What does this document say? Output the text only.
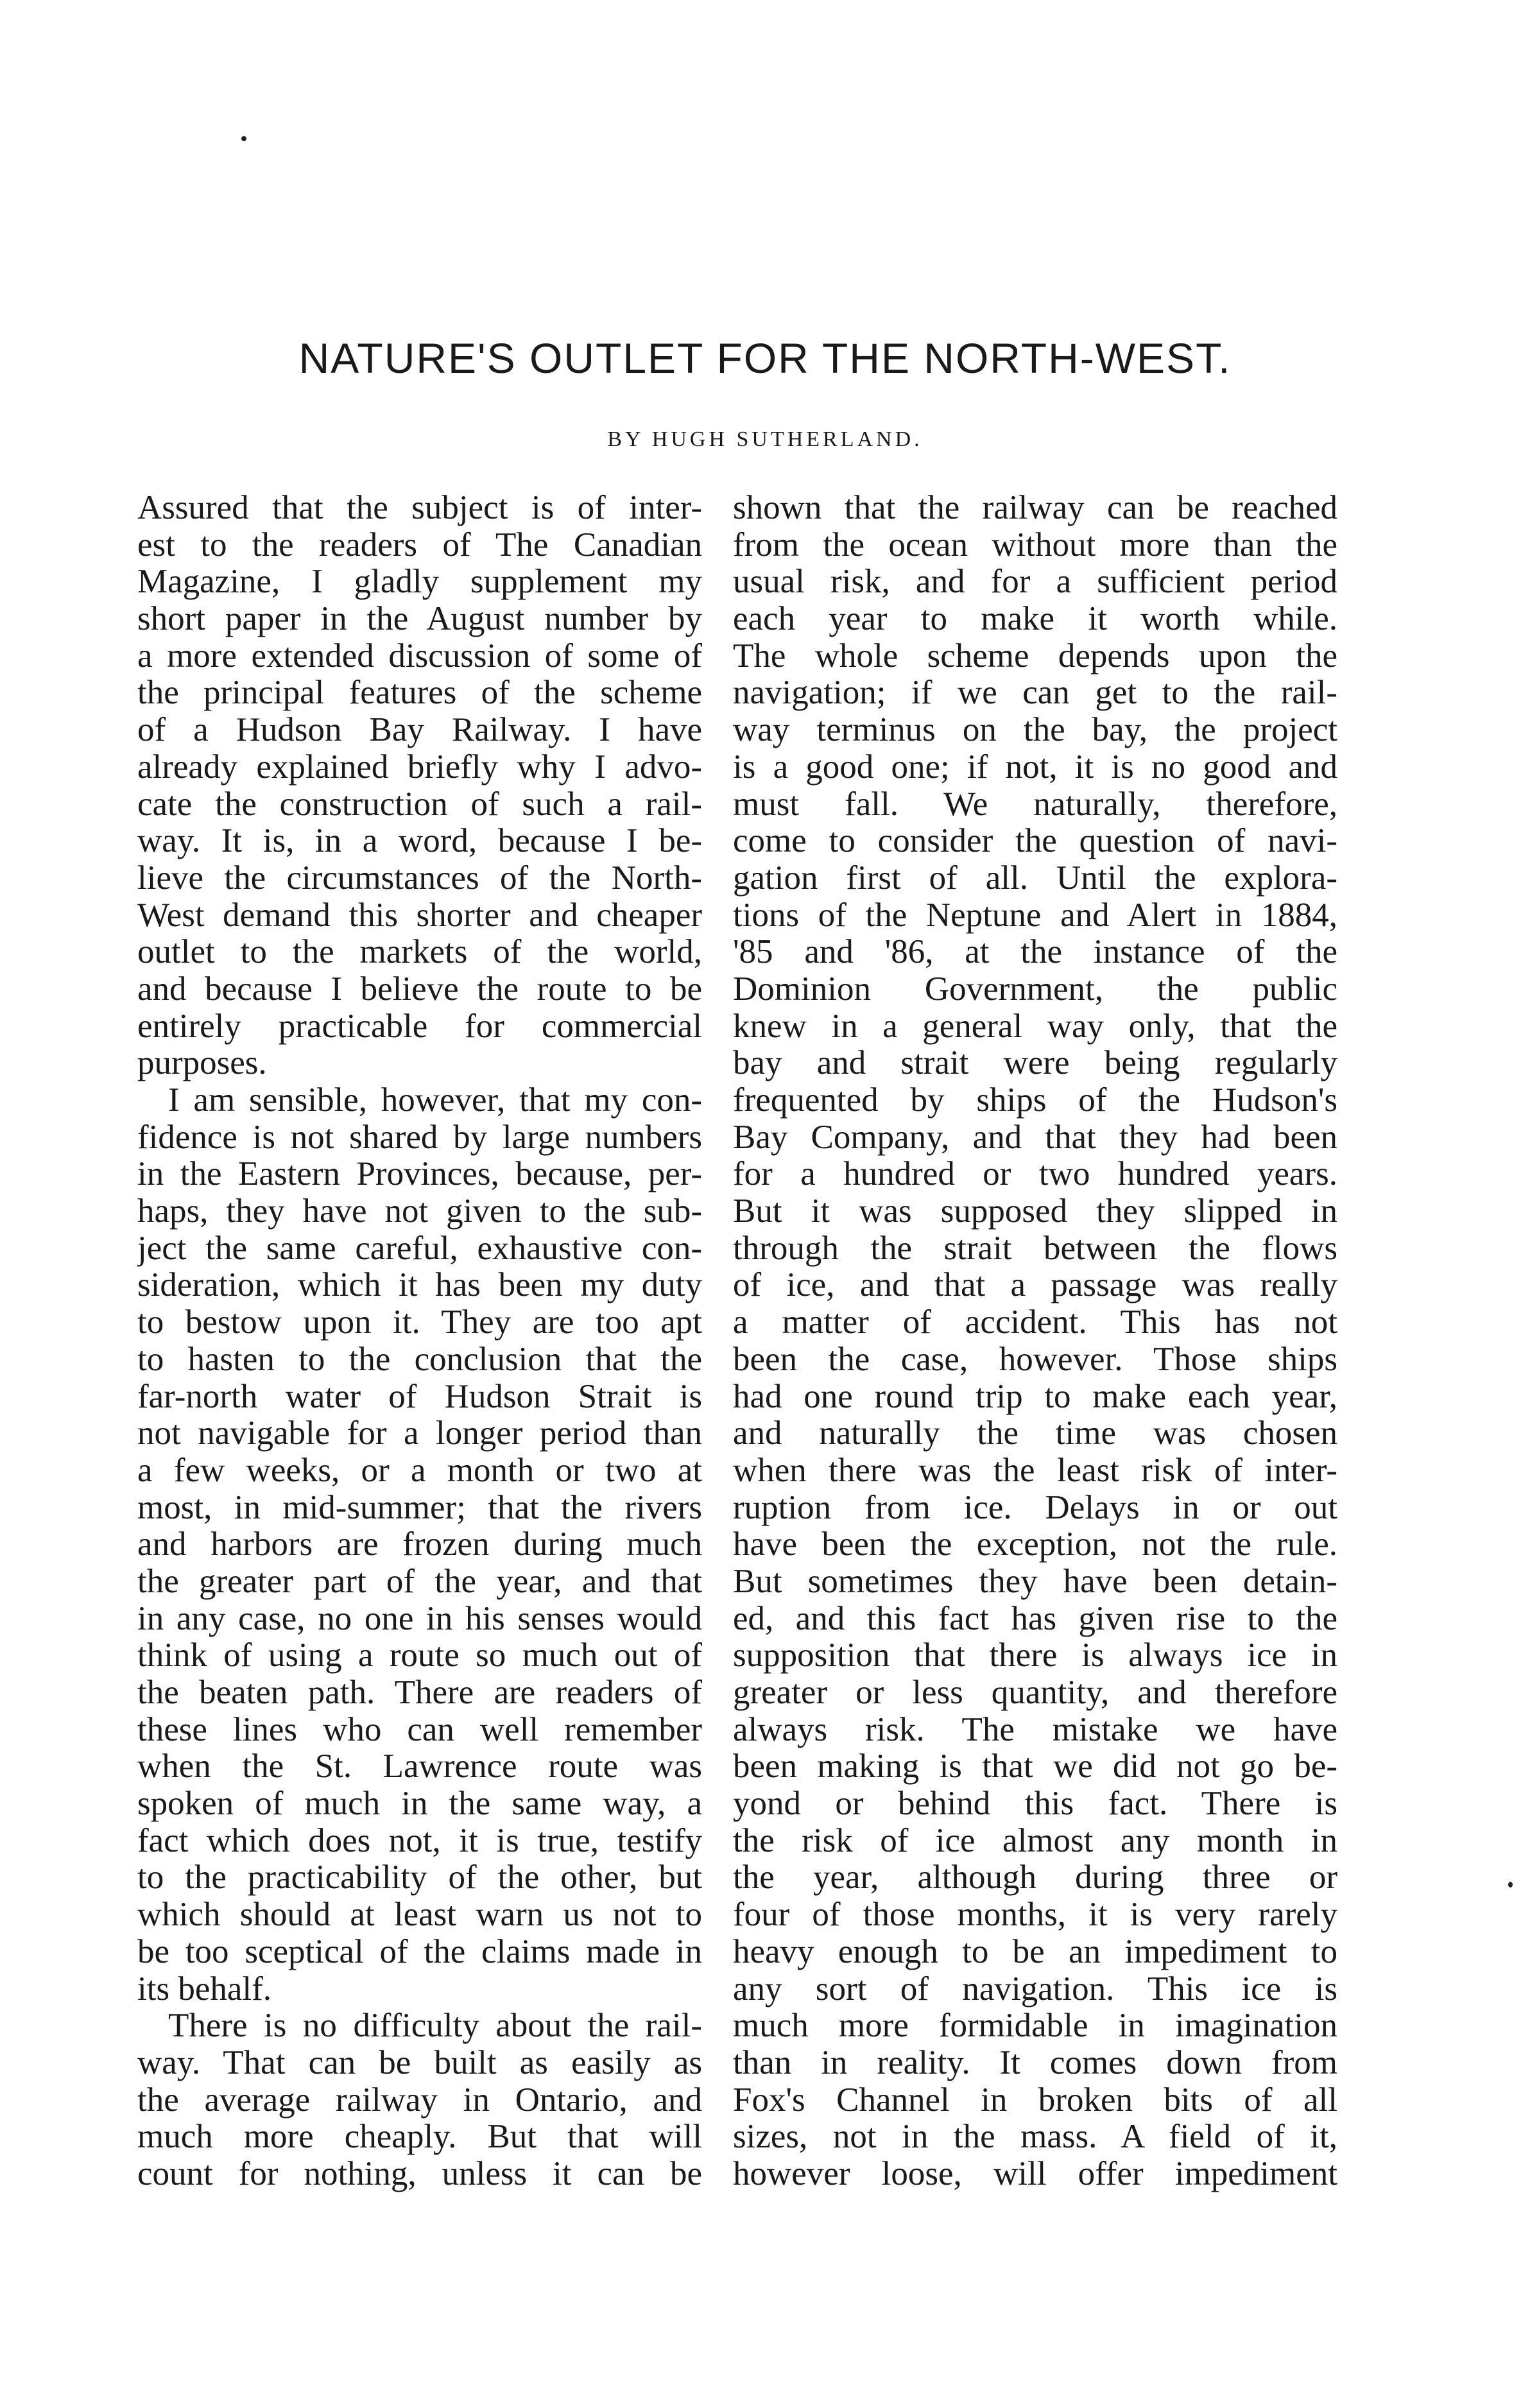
NATURE'S OUTLET FOR THE NORTH-WEST.
BY HUGH SUTHERLAND.
Assured that the subject is of inter-
est to the readers of The Canadian
Magazine, I gladly supplement my
short paper in the August number by
a more extended discussion of some of
the principal features of the scheme
of a Hudson Bay Railway. I have
already explained briefly why I advo-
cate the construction of such a rail-
way. It is, in a word, because I be-
lieve the circumstances of the North-
West demand this shorter and cheaper
outlet to the markets of the world,
and because I believe the route to be
entirely practicable for commercial
purposes.
I am sensible, however, that my con-
fidence is not shared by large numbers
in the Eastern Provinces, because, per-
haps, they have not given to the sub-
ject the same careful, exhaustive con-
sideration, which it has been my duty
to bestow upon it. They are too apt
to hasten to the conclusion that the
far-north water of Hudson Strait is
not navigable for a longer period than
a few weeks, or a month or two at
most, in mid-summer; that the rivers
and harbors are frozen during much
the greater part of the year, and that
in any case, no one in his senses would
think of using a route so much out of
the beaten path. There are readers of
these lines who can well remember
when the St. Lawrence route was
spoken of much in the same way, a
fact which does not, it is true, testify
to the practicability of the other, but
which should at least warn us not to
be too sceptical of the claims made in
its behalf.
There is no difficulty about the rail-
way. That can be built as easily as
the average railway in Ontario, and
much more cheaply. But that will
count for nothing, unless it can be
shown that the railway can be reached
from the ocean without more than the
usual risk, and for a sufficient period
each year to make it worth while.
The whole scheme depends upon the
navigation; if we can get to the rail-
way terminus on the bay, the project
is a good one; if not, it is no good and
must fall. We naturally, therefore,
come to consider the question of navi-
gation first of all. Until the explora-
tions of the Neptune and Alert in 1884,
'85 and '86, at the instance of the
Dominion Government, the public
knew in a general way only, that the
bay and strait were being regularly
frequented by ships of the Hudson's
Bay Company, and that they had been
for a hundred or two hundred years.
But it was supposed they slipped in
through the strait between the flows
of ice, and that a passage was really
a matter of accident. This has not
been the case, however. Those ships
had one round trip to make each year,
and naturally the time was chosen
when there was the least risk of inter-
ruption from ice. Delays in or out
have been the exception, not the rule.
But sometimes they have been detain-
ed, and this fact has given rise to the
supposition that there is always ice in
greater or less quantity, and therefore
always risk. The mistake we have
been making is that we did not go be-
yond or behind this fact. There is
the risk of ice almost any month in
the year, although during three or
four of those months, it is very rarely
heavy enough to be an impediment to
any sort of navigation. This ice is
much more formidable in imagination
than in reality. It comes down from
Fox's Channel in broken bits of all
sizes, not in the mass. A field of it,
however loose, will offer impediment
